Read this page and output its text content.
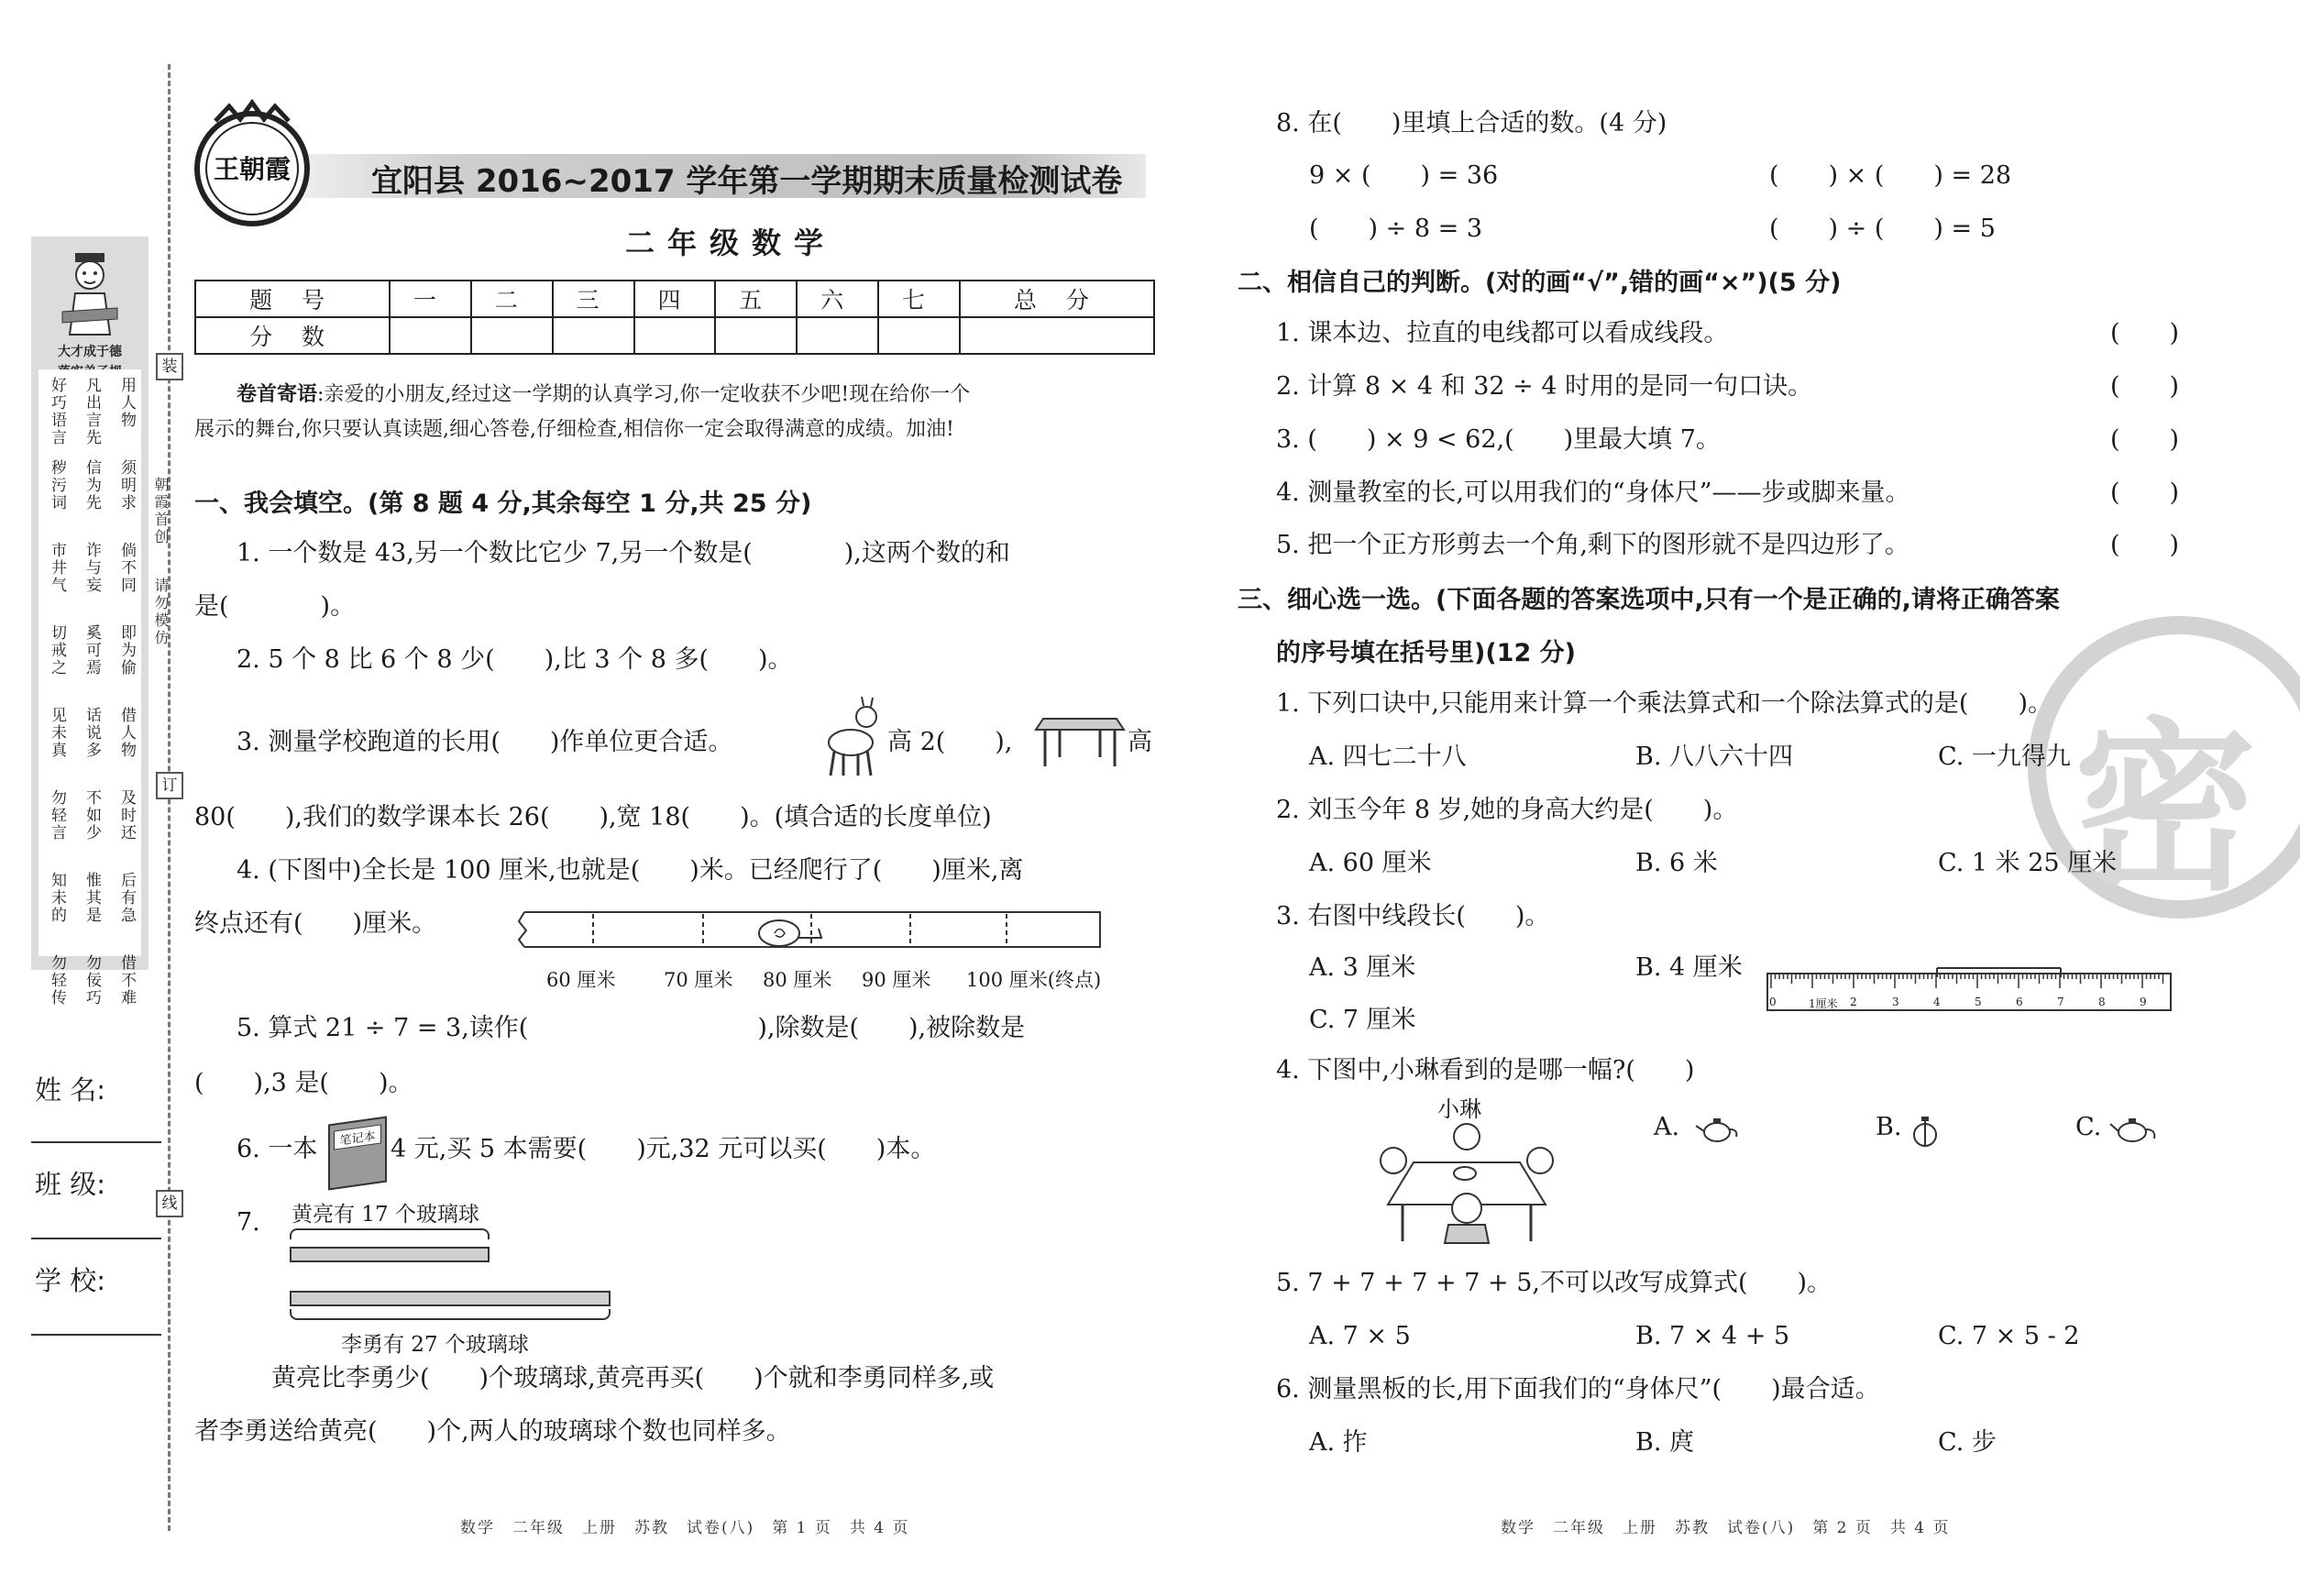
大才成于德
用人物
须明求
倘不同
即为偷
借人物
及时还
后有急
借不难
凡出言先
信为先
诈与妄
奚可焉
话说多
不如少
惟其是
勿佞巧
好巧语言
秽污词
市井气
切戒之
见未真
勿轻言
知未的
勿轻传
装
订
线
朝霞首创
请勿模仿
姓 名:
班 级:
学 校:
王朝霞	宜阳县 2016~2017 学年第一学期期末质量检测试卷
二年级数学
题 号	一	二	三	四	五	六	七	总 分
分 数								
卷首寄语:亲爱的小朋友,经过这一学期的认真学习,你一定收获不少吧!现在给你一个
展示的舞台,你只要认真读题,细心答卷,仔细检查,相信你一定会取得满意的成绩。加油!
一、我会填空。(第 8 题 4 分,其余每空 1 分,共 25 分)
1. 一个数是 43,另一个数比它少 7,另一个数是(	),这两个数的和
是(	)。
2. 5 个 8 比 6 个 8 少(　　),比 3 个 8 多(　　)。
3. 测量学校跑道的长用(　　)作单位更合适。	高 2(　　),	高
80(　　),我们的数学课本长 26(　　),宽 18(　　)。(填合适的长度单位)
4. (下图中)全长是 100 厘米,也就是(　　)米。已经爬行了(　　)厘米,离
终点还有(　　)厘米。
60 厘米	70 厘米 80 厘米 90 厘米 100 厘米(终点)
5. 算式 21 ÷ 7 = 3,读作(	),除数是(　　),被除数是
(　　),3 是(　　)。
6. 一本	笔记本 4 元,买 5 本需要(　　)元,32 元可以买(　　)本。
7. 黄亮有 17 个玻璃球
李勇有 27 个玻璃球
黄亮比李勇少(　　)个玻璃球,黄亮再买(　　)个就和李勇同样多,或
者李勇送给黄亮(　　)个,两人的玻璃球个数也同样多。
数学　二年级　上册　苏教　试卷(八)　第 1 页　共 4 页
密
8. 在(　　)里填上合适的数。(4 分)
9 × (　　) = 36	(　　) × (　　) = 28
(　　) ÷ 8 = 3	(　　) ÷ (　　) = 5
二、相信自己的判断。(对的画“√”,错的画“×”)(5 分)
1. 课本边、拉直的电线都可以看成线段。	(　　)
2. 计算 8 × 4 和 32 ÷ 4 时用的是同一句口诀。	(　　)
3. (　　) × 9 < 62,(　　)里最大填 7。	(　　)
4. 测量教室的长,可以用我们的“身体尺”——步或脚来量。	(　　)
5. 把一个正方形剪去一个角,剩下的图形就不是四边形了。	(　　)
三、细心选一选。(下面各题的答案选项中,只有一个是正确的,请将正确答案
的序号填在括号里)(12 分)
1. 下列口诀中,只能用来计算一个乘法算式和一个除法算式的是(　　)。
A. 四七二十八	B. 八八六十四	C. 一九得九
2. 刘玉今年 8 岁,她的身高大约是(　　)。
A. 60 厘米	B. 6 米	C. 1 米 25 厘米
3. 右图中线段长(　　)。
A. 3 厘米	B. 4 厘米
C. 7 厘米
0	1厘米 2	3	4	5	6	7	8	9
4. 下图中,小琳看到的是哪一幅?(　　)
小琳
A.	B.	C.
5. 7 + 7 + 7 + 7 + 5,不可以改写成算式(　　)。
A. 7 × 5	B. 7 × 4 + 5	C. 7 × 5 - 2
6. 测量黑板的长,用下面我们的“身体尺”(　　)最合适。
A. 拃	B. 庹	C. 步
数学　二年级　上册　苏教　试卷(八)　第 2 页　共 4 页
